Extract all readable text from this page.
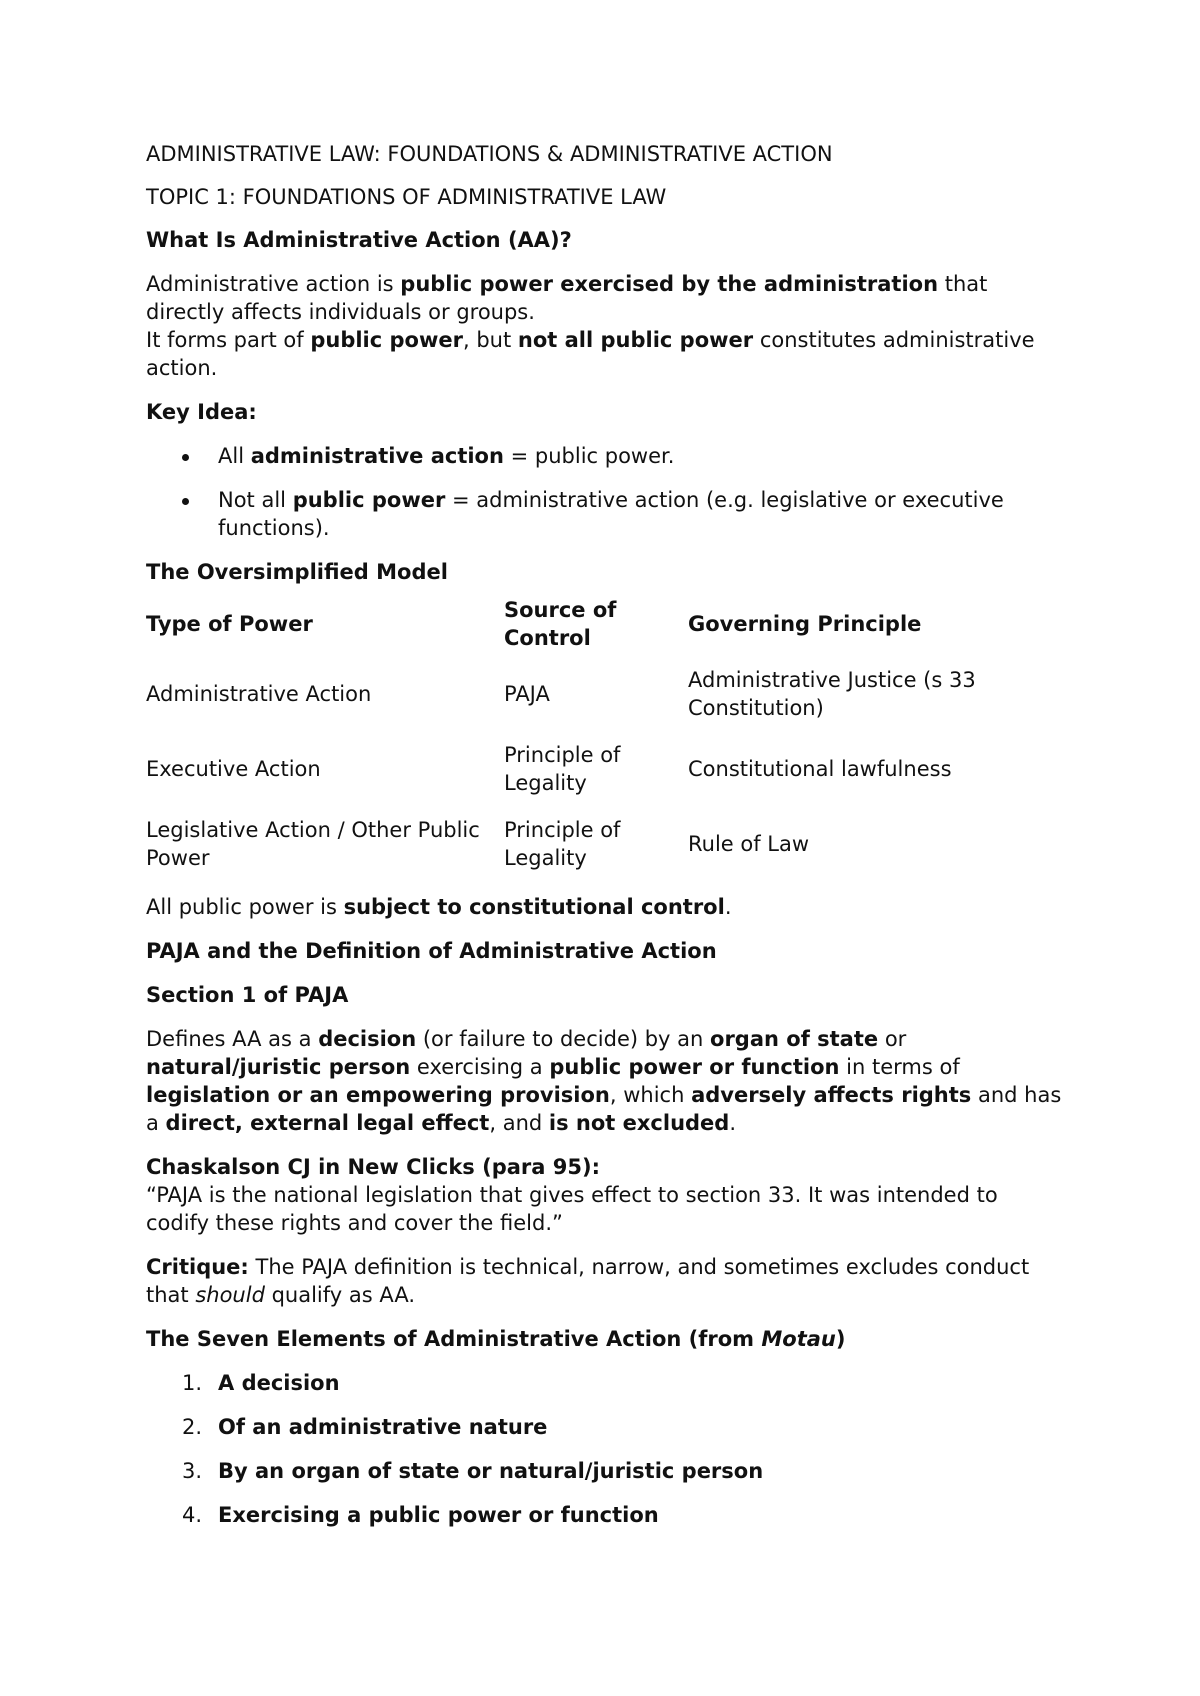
ADMINISTRATIVE LAW: FOUNDATIONS & ADMINISTRATIVE ACTION

TOPIC 1: FOUNDATIONS OF ADMINISTRATIVE LAW

What Is Administrative Action (AA)?

Administrative action is public power exercised by the administration that directly affects individuals or groups.
It forms part of public power, but not all public power constitutes administrative action.

Key Idea:

All administrative action = public power.
Not all public power = administrative action (e.g. legislative or executive functions).

The Oversimplified Model

Type of Power	Source of Control	Governing Principle
Administrative Action	PAJA	Administrative Justice (s 33 Constitution)
Executive Action	Principle of Legality	Constitutional lawfulness
Legislative Action / Other Public Power	Principle of Legality	Rule of Law

All public power is subject to constitutional control.

PAJA and the Definition of Administrative Action

Section 1 of PAJA

Defines AA as a decision (or failure to decide) by an organ of state or natural/juristic person exercising a public power or function in terms of legislation or an empowering provision, which adversely affects rights and has a direct, external legal effect, and is not excluded.

Chaskalson CJ in New Clicks (para 95):
“PAJA is the national legislation that gives effect to section 33. It was intended to codify these rights and cover the field.”

Critique: The PAJA definition is technical, narrow, and sometimes excludes conduct that should qualify as AA.

The Seven Elements of Administrative Action (from Motau)

1. A decision
2. Of an administrative nature
3. By an organ of state or natural/juristic person
4. Exercising a public power or function
